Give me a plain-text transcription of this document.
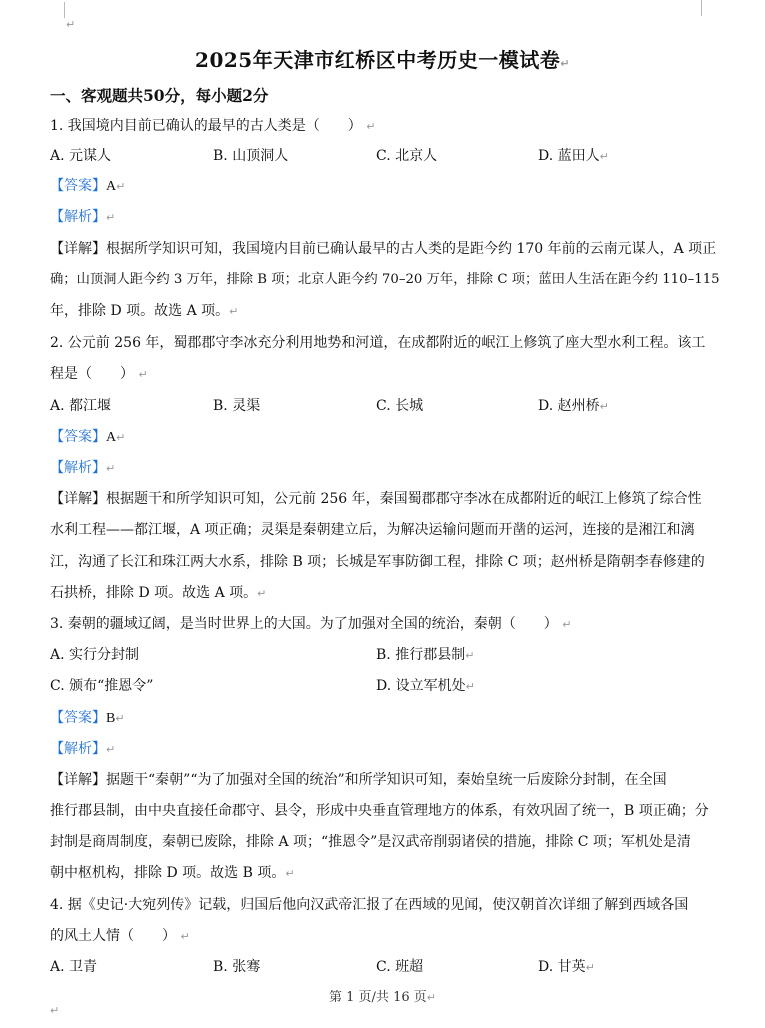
↵
2025年天津市红桥区中考历史一模试卷↵
一、客观题共50分，每小题2分
1. 我国境内目前已确认的最早的古人类是（　　） ↵
A. 元谋人	B. 山顶洞人	C. 北京人	D. 蓝田人↵
【答案】A↵
【解析】↵
【详解】根据所学知识可知，我国境内目前已确认最早的古人类的是距今约 170 年前的云南元谋人，A 项正
确；山顶洞人距今约 3 万年，排除 B 项；北京人距今约 70–20 万年，排除 C 项；蓝田人生活在距今约 110–115
年，排除 D 项。故选 A 项。↵
2. 公元前 256 年，蜀郡郡守李冰充分利用地势和河道，在成都附近的岷江上修筑了座大型水利工程。该工
程是（　　） ↵
A. 都江堰	B. 灵渠	C. 长城	D. 赵州桥↵
【答案】A↵
【解析】↵
【详解】根据题干和所学知识可知，公元前 256 年，秦国蜀郡郡守李冰在成都附近的岷江上修筑了综合性
水利工程——都江堰，A 项正确；灵渠是秦朝建立后，为解决运输问题而开凿的运河，连接的是湘江和漓
江，沟通了长江和珠江两大水系，排除 B 项；长城是军事防御工程，排除 C 项；赵州桥是隋朝李春修建的
石拱桥，排除 D 项。故选 A 项。↵
3. 秦朝的疆域辽阔，是当时世界上的大国。为了加强对全国的统治，秦朝（　　） ↵
A. 实行分封制	B. 推行郡县制↵
C. 颁布“推恩令”	D. 设立军机处↵
【答案】B↵
【解析】↵
【详解】据题干“秦朝”“为了加强对全国的统治”和所学知识可知，秦始皇统一后废除分封制，在全国
推行郡县制，由中央直接任命郡守、县令，形成中央垂直管理地方的体系，有效巩固了统一，B 项正确；分
封制是商周制度，秦朝已废除，排除 A 项；“推恩令”是汉武帝削弱诸侯的措施，排除 C 项；军机处是清
朝中枢机构，排除 D 项。故选 B 项。↵
4. 据《史记·大宛列传》记载，归国后他向汉武帝汇报了在西域的见闻，使汉朝首次详细了解到西域各国
的风土人情（　　） ↵
A. 卫青	B. 张骞	C. 班超	D. 甘英↵
第 1 页/共 16 页↵
↵
